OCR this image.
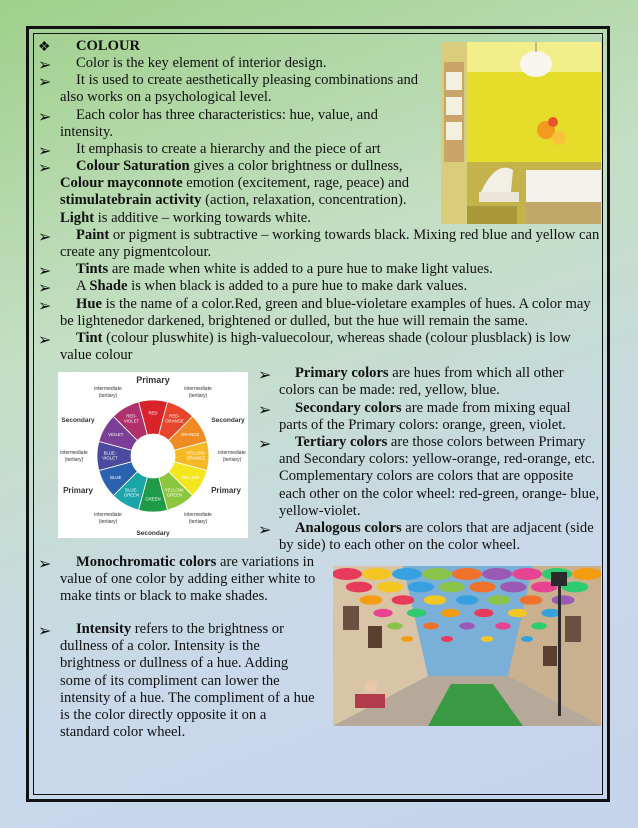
❖ COLOUR
➢	Color is the key element of interior design.
➢	It is used to create aesthetically pleasing combinations and also works on a psychological level.
➢	Each color has three characteristics: hue, value, and intensity.
➢	It emphasis to create a hierarchy and the piece of art
➢	Colour Saturation gives a color brightness or dullness,
Colour mayconnote emotion (excitement, rage, peace) and
stimulatebrain activity (action, relaxation, concentration).
Light is additive – working towards white.
➢	Paint or pigment is subtractive – working towards black. Mixing red blue and yellow can create any pigmentcolour.
➢	Tints are made when white is added to a pure hue to make light values.
➢	A Shade is when black is added to a pure hue to make dark values.
➢	Hue is the name of a color.Red, green and blue-violetare examples of hues. A color may be lightenedor darkened, brightened or dulled, but the hue will remain the same.
➢	Tint (colour pluswhite) is high-valuecolour, whereas shade (colour plusblack) is low value colour
RED
RED-ORANGE
ORANGE
YELLOW-ORANGE
YELLOW
YELLOW-GREEN
GREEN
BLUE-GREEN
BLUE
BLUE-VIOLET
VIOLET
RED-VIOLET
Primary
intermediate
(tertiary)
intermediate
(tertiary)
Secondary	Secondary
intermediate
(tertiary)
intermediate
(tertiary)
Primary	Primary
intermediate
(tertiary)
intermediate
(tertiary)
Secondary
➢	Primary colors are hues from which all other colors can be made: red, yellow, blue.
➢	Secondary colors are made from mixing equal parts of the Primary colors: orange, green, violet.
➢	Tertiary colors are those colors between Primary and Secondary colors: yellow-orange, red-orange, etc. Complementary colors are colors that are opposite each other on the color wheel: red-green, orange- blue, yellow-violet.
➢	Analogous colors are colors that are adjacent (side by side) to each other on the color wheel.
➢	Monochromatic colors are variations in value of one color by adding either white to make tints or black to make shades.
➢	Intensity refers to the brightness or dullness of a color. Intensity is the brightness or dullness of a hue. Adding some of its compliment can lower the intensity of a hue. The compliment of a hue is the color directly opposite it on a standard color wheel.
